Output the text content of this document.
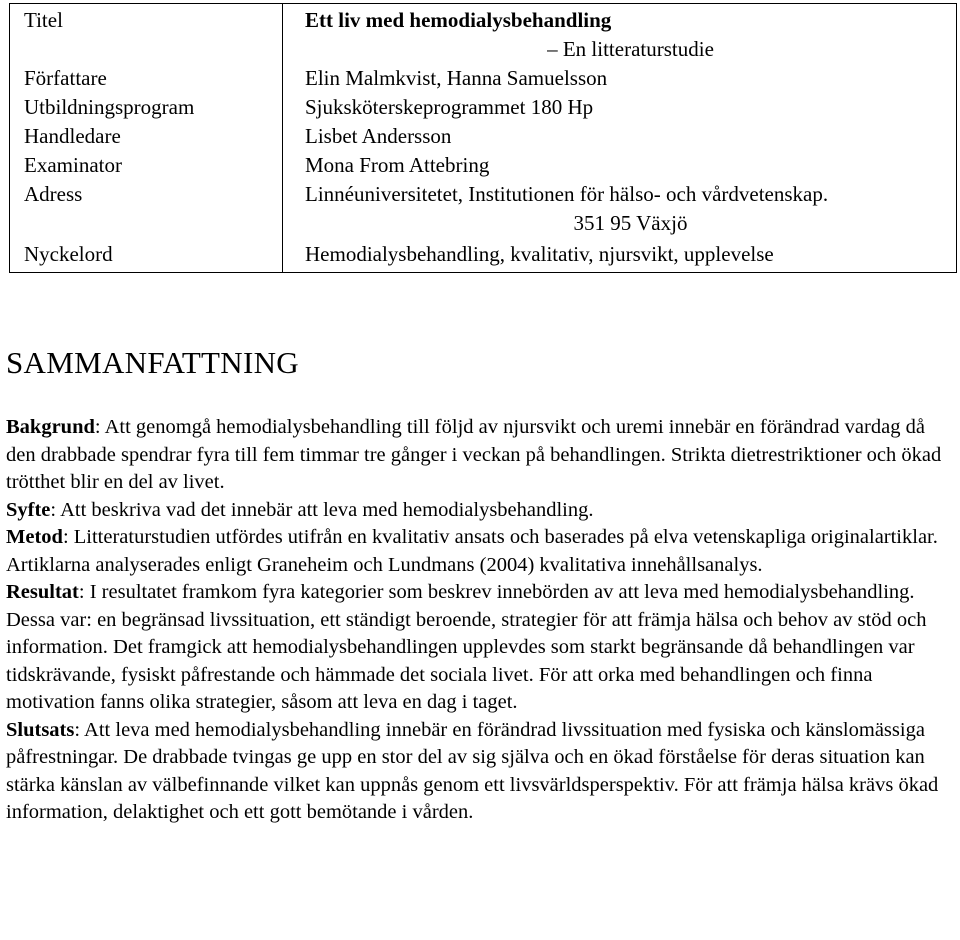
Titel	Ett liv med hemodialysbehandling

– En litteraturstudie

Författare	Elin Malmkvist, Hanna Samuelsson
Utbildningsprogram	Sjuksköterskeprogrammet 180 Hp
Handledare	Lisbet Andersson
Examinator	Mona From Attebring
Adress	Linnéuniversitetet, Institutionen för hälso- och vårdvetenskap.

351 95 Växjö

Nyckelord	Hemodialysbehandling, kvalitativ, njursvikt, upplevelse
SAMMANFATTNING

Bakgrund: Att genomgå hemodialysbehandling till följd av njursvikt och uremi innebär en förändrad vardag då den drabbade spendrar fyra till fem timmar tre gånger i veckan på behandlingen. Strikta dietrestriktioner och ökad trötthet blir en del av livet.

Syfte: Att beskriva vad det innebär att leva med hemodialysbehandling.

Metod: Litteraturstudien utfördes utifrån en kvalitativ ansats och baserades på elva vetenskapliga originalartiklar. Artiklarna analyserades enligt Graneheim och Lundmans (2004) kvalitativa innehållsanalys.

Resultat: I resultatet framkom fyra kategorier som beskrev innebörden av att leva med hemodialysbehandling. Dessa var: en begränsad livssituation, ett ständigt beroende, strategier för att främja hälsa och behov av stöd och information. Det framgick att hemodialysbehandlingen upplevdes som starkt begränsande då behandlingen var tidskrävande, fysiskt påfrestande och hämmade det sociala livet. För att orka med behandlingen och finna motivation fanns olika strategier, såsom att leva en dag i taget.

Slutsats: Att leva med hemodialysbehandling innebär en förändrad livssituation med fysiska och känslomässiga påfrestningar. De drabbade tvingas ge upp en stor del av sig själva och en ökad förståelse för deras situation kan stärka känslan av välbefinnande vilket kan uppnås genom ett livsvärldsperspektiv. För att främja hälsa krävs ökad information, delaktighet och ett gott bemötande i vården.
